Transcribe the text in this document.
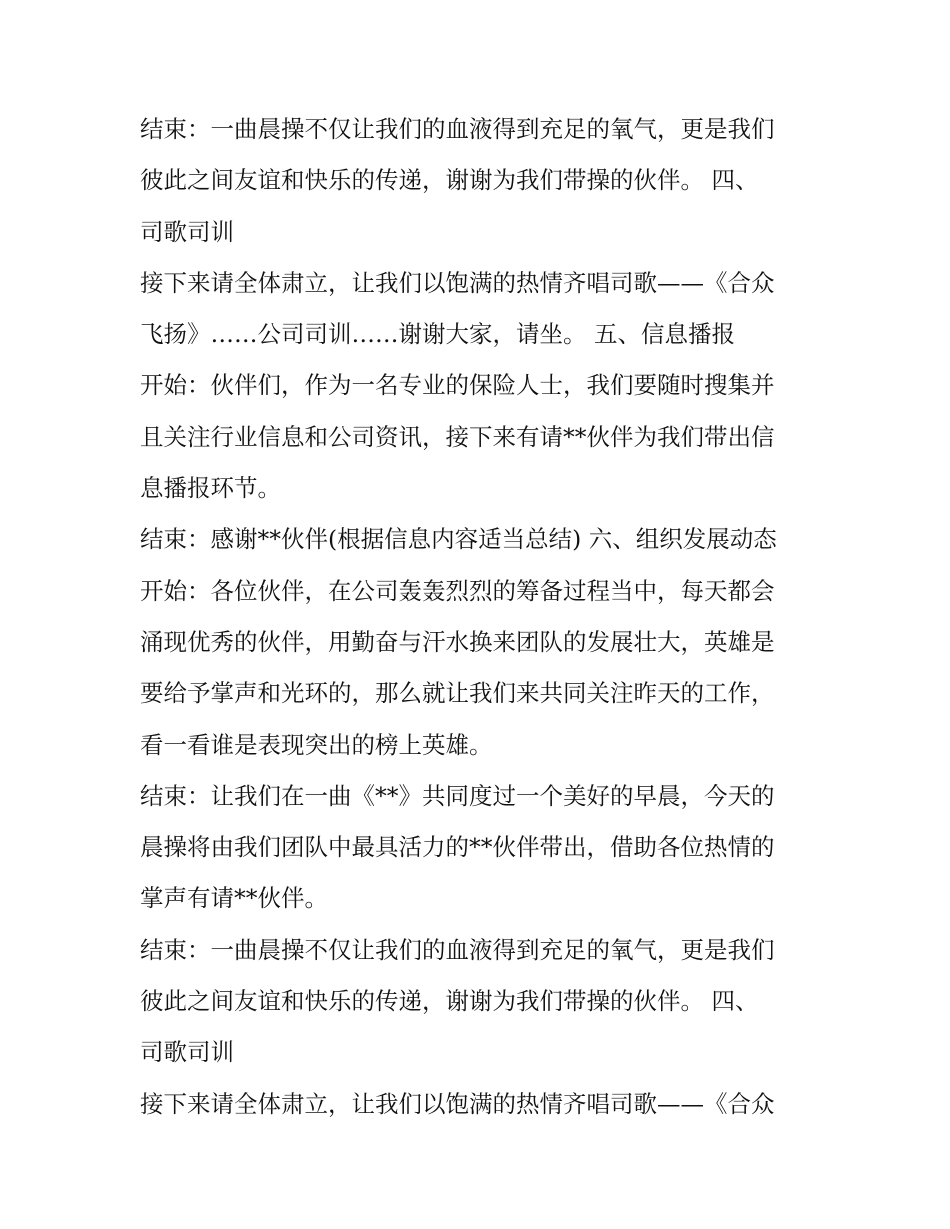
结束：一曲晨操不仅让我们的血液得到充足的氧气，更是我们
彼此之间友谊和快乐的传递，谢谢为我们带操的伙伴。 四、
司歌司训
接下来请全体肃立，让我们以饱满的热情齐唱司歌——《合众
飞扬》……公司司训……谢谢大家，请坐。 五、信息播报
开始：伙伴们，作为一名专业的保险人士，我们要随时搜集并
且关注行业信息和公司资讯，接下来有请**伙伴为我们带出信
息播报环节。
结束：感谢**伙伴(根据信息内容适当总结) 六、组织发展动态
开始：各位伙伴，在公司轰轰烈烈的筹备过程当中，每天都会
涌现优秀的伙伴，用勤奋与汗水换来团队的发展壮大，英雄是
要给予掌声和光环的，那么就让我们来共同关注昨天的工作，
看一看谁是表现突出的榜上英雄。
结束：让我们在一曲《**》共同度过一个美好的早晨，今天的
晨操将由我们团队中最具活力的**伙伴带出，借助各位热情的
掌声有请**伙伴。
结束：一曲晨操不仅让我们的血液得到充足的氧气，更是我们
彼此之间友谊和快乐的传递，谢谢为我们带操的伙伴。 四、
司歌司训
接下来请全体肃立，让我们以饱满的热情齐唱司歌——《合众
